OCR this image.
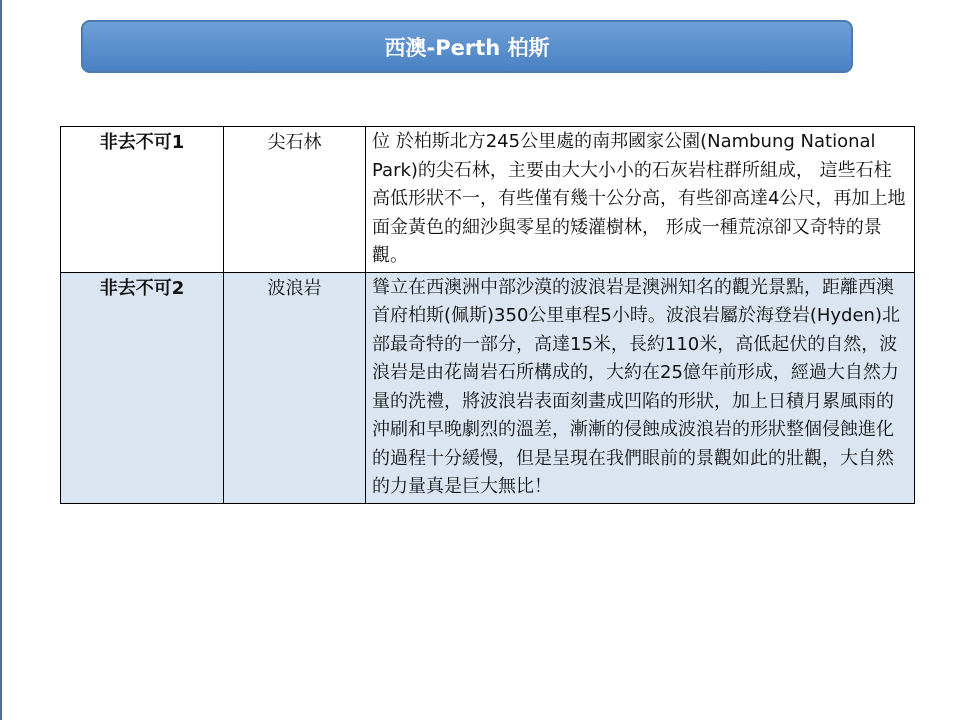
西澳-Perth 柏斯
非去不可1	尖石林	位 於柏斯北方245公里處的南邦國家公園(Nambung National Park)的尖石林，主要由大大小小的石灰岩柱群所組成， 這些石柱高低形狀不一，有些僅有幾十公分高，有些卻高達4公尺，再加上地面金黃色的細沙與零星的矮灌樹林， 形成一種荒涼卻又奇特的景觀。
非去不可2	波浪岩	聳立在西澳洲中部沙漠的波浪岩是澳洲知名的觀光景點，距離西澳首府柏斯(佩斯)350公里車程5小時。波浪岩屬於海登岩(Hyden)北部最奇特的一部分，高達15米，長約110米，高低起伏的自然，波浪岩是由花崗岩石所構成的，大約在25億年前形成，經過大自然力量的洗禮，將波浪岩表面刻畫成凹陷的形狀，加上日積月累風雨的沖刷和早晚劇烈的溫差，漸漸的侵蝕成波浪岩的形狀整個侵蝕進化的過程十分緩慢，但是呈現在我們眼前的景觀如此的壯觀，大自然的力量真是巨大無比！
